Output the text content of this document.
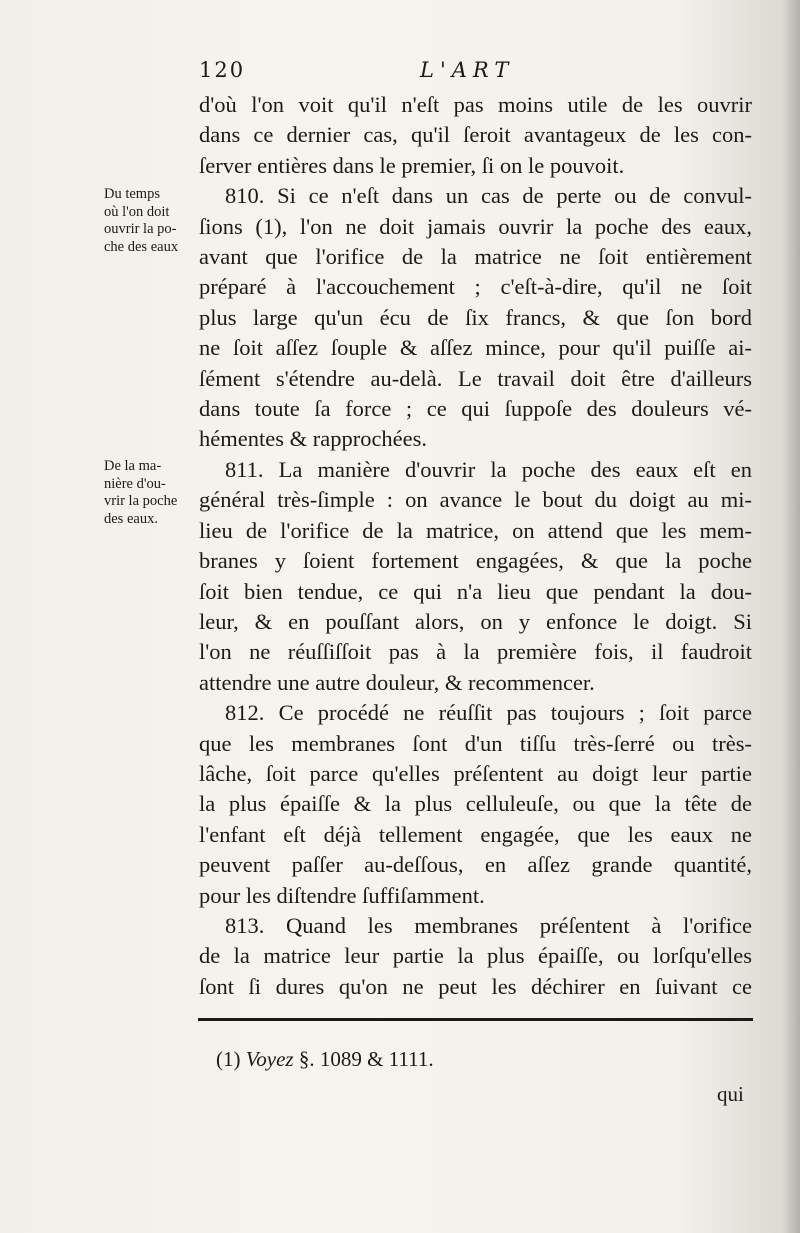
120	L'ART
Du temps
où l'on doit
ouvrir la po-
che des eaux
De la ma-
nière d'ou-
vrir la poche
des eaux.
d'où l'on voit qu'il n'eſt pas moins utile de les ouvrir
dans ce dernier cas, qu'il ſeroit avantageux de les con-
ſerver entières dans le premier, ſi on le pouvoit.
810. Si ce n'eſt dans un cas de perte ou de convul-
ſions (1), l'on ne doit jamais ouvrir la poche des eaux,
avant que l'orifice de la matrice ne ſoit entièrement
préparé à l'accouchement ; c'eſt-à-dire, qu'il ne ſoit
plus large qu'un écu de ſix francs, & que ſon bord
ne ſoit aſſez ſouple & aſſez mince, pour qu'il puiſſe ai-
ſément s'étendre au-delà. Le travail doit être d'ailleurs
dans toute ſa force ; ce qui ſuppoſe des douleurs vé-
hémentes & rapprochées.
811. La manière d'ouvrir la poche des eaux eſt en
général très-ſimple : on avance le bout du doigt au mi-
lieu de l'orifice de la matrice, on attend que les mem-
branes y ſoient fortement engagées, & que la poche
ſoit bien tendue, ce qui n'a lieu que pendant la dou-
leur, & en pouſſant alors, on y enfonce le doigt. Si
l'on ne réuſſiſſoit pas à la première fois, il faudroit
attendre une autre douleur, & recommencer.
812. Ce procédé ne réuſſit pas toujours ; ſoit parce
que les membranes ſont d'un tiſſu très-ſerré ou très-
lâche, ſoit parce qu'elles préſentent au doigt leur partie
la plus épaiſſe & la plus celluleuſe, ou que la tête de
l'enfant eſt déjà tellement engagée, que les eaux ne
peuvent paſſer au-deſſous, en aſſez grande quantité,
pour les diſtendre ſuffiſamment.
813. Quand les membranes préſentent à l'orifice
de la matrice leur partie la plus épaiſſe, ou lorſqu'elles
ſont ſi dures qu'on ne peut les déchirer en ſuivant ce
(1) Voyez §. 1089 & 1111.
qui
